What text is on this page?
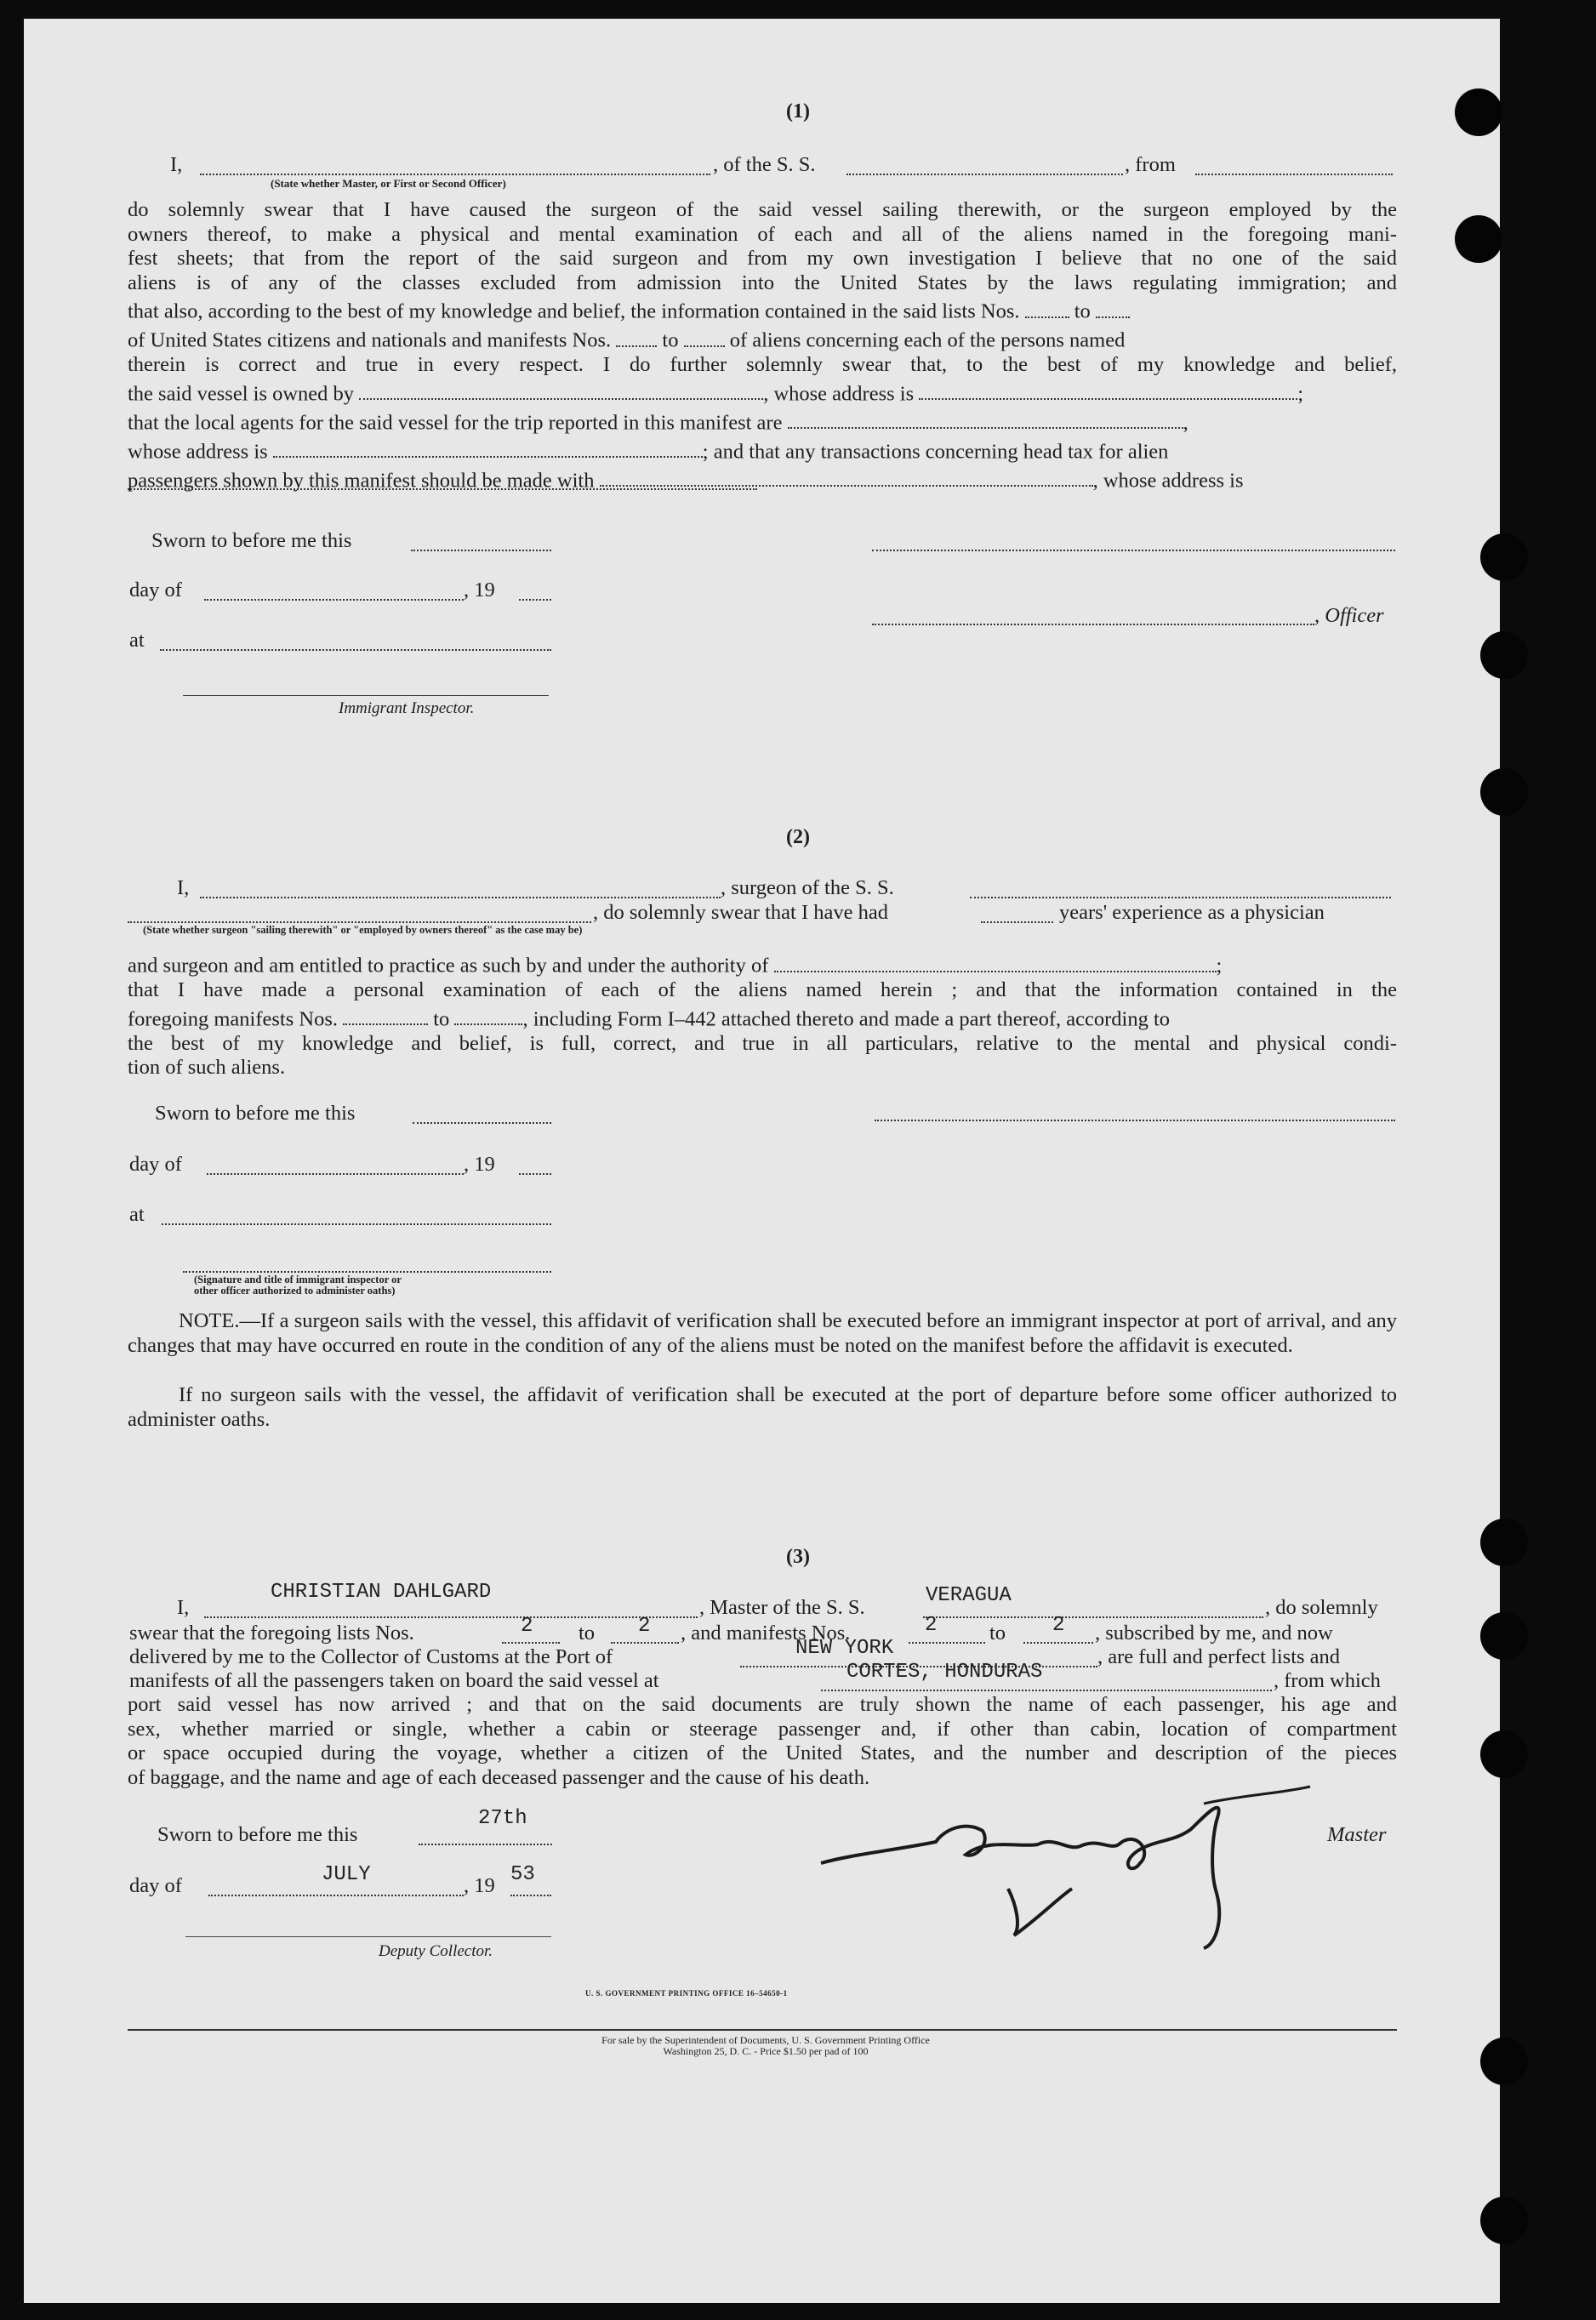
(1)
I,	, of the S. S.	, from
(State whether Master, or First or Second Officer)
do solemnly swear that I have caused the surgeon of the said vessel sailing therewith, or the surgeon employed by the
owners thereof, to make a physical and mental examination of each and all of the aliens named in the foregoing mani-
fest sheets; that from the report of the said surgeon and from my own investigation I believe that no one of the said
aliens is of any of the classes excluded from admission into the United States by the laws regulating immigration; and
that also, according to the best of my knowledge and belief, the information contained in the said lists Nos.	to
of United States citizens and nationals and manifests Nos. to of aliens concerning each of the persons named
therein is correct and true in every respect. I do further solemnly swear that, to the best of my knowledge and belief,
the said vessel is owned by	, whose address is	;
that the local agents for the said vessel for the trip reported in this manifest are	,
whose address is	; and that any transactions concerning head tax for alien
passengers shown by this manifest should be made with	, whose address is
Sworn to before me this
day of	, 19
, Officer
at
Immigrant Inspector.
(2)
I,	, surgeon of the S. S.
, do solemnly swear that I have had	years' experience as a physician
(State whether surgeon "sailing therewith" or "employed by owners thereof" as the case may be)
and surgeon and am entitled to practice as such by and under the authority of	;
that I have made a personal examination of each of the aliens named herein ; and that the information contained in the
foregoing manifests Nos.	to	, including Form I–442 attached thereto and made a part thereof, according to
the best of my knowledge and belief, is full, correct, and true in all particulars, relative to the mental and physical condi-
tion of such aliens.
Sworn to before me this
day of	, 19
at
(Signature and title of immigrant inspector or
other officer authorized to administer oaths)
NOTE.—If a surgeon sails with the vessel, this affidavit of verification shall be executed before an immigrant inspector at port of arrival, and any changes that may have occurred en route in the condition of any of the aliens must be noted on the manifest before the affidavit is executed.
If no surgeon sails with the vessel, the affidavit of verification shall be executed at the port of departure before some officer authorized to administer oaths.
(3)
I,
CHRISTIAN DAHLGARD
, Master of the S. S.
VERAGUA
, do solemnly
swear that the foregoing lists Nos.	2 to 2 , and manifests Nos.	2	to 2 , subscribed by me, and now
delivered by me to the Collector of Customs at the Port of	NEW YORK	, are full and perfect lists and
manifests of all the passengers taken on board the said vessel at	CORTES, HONDURAS	, from which
port said vessel has now arrived ; and that on the said documents are truly shown the name of each passenger, his age and
sex, whether married or single, whether a cabin or steerage passenger and, if other than cabin, location of compartment
or space occupied during the voyage, whether a citizen of the United States, and the number and description of the pieces
of baggage, and the name and age of each deceased passenger and the cause of his death.
Sworn to before me this
27th
day of	JULY	, 19 53
Master
Deputy Collector.
U. S. GOVERNMENT PRINTING OFFICE 16–54650-1
For sale by the Superintendent of Documents, U. S. Government Printing Office
Washington 25, D. C. - Price $1.50 per pad of 100
